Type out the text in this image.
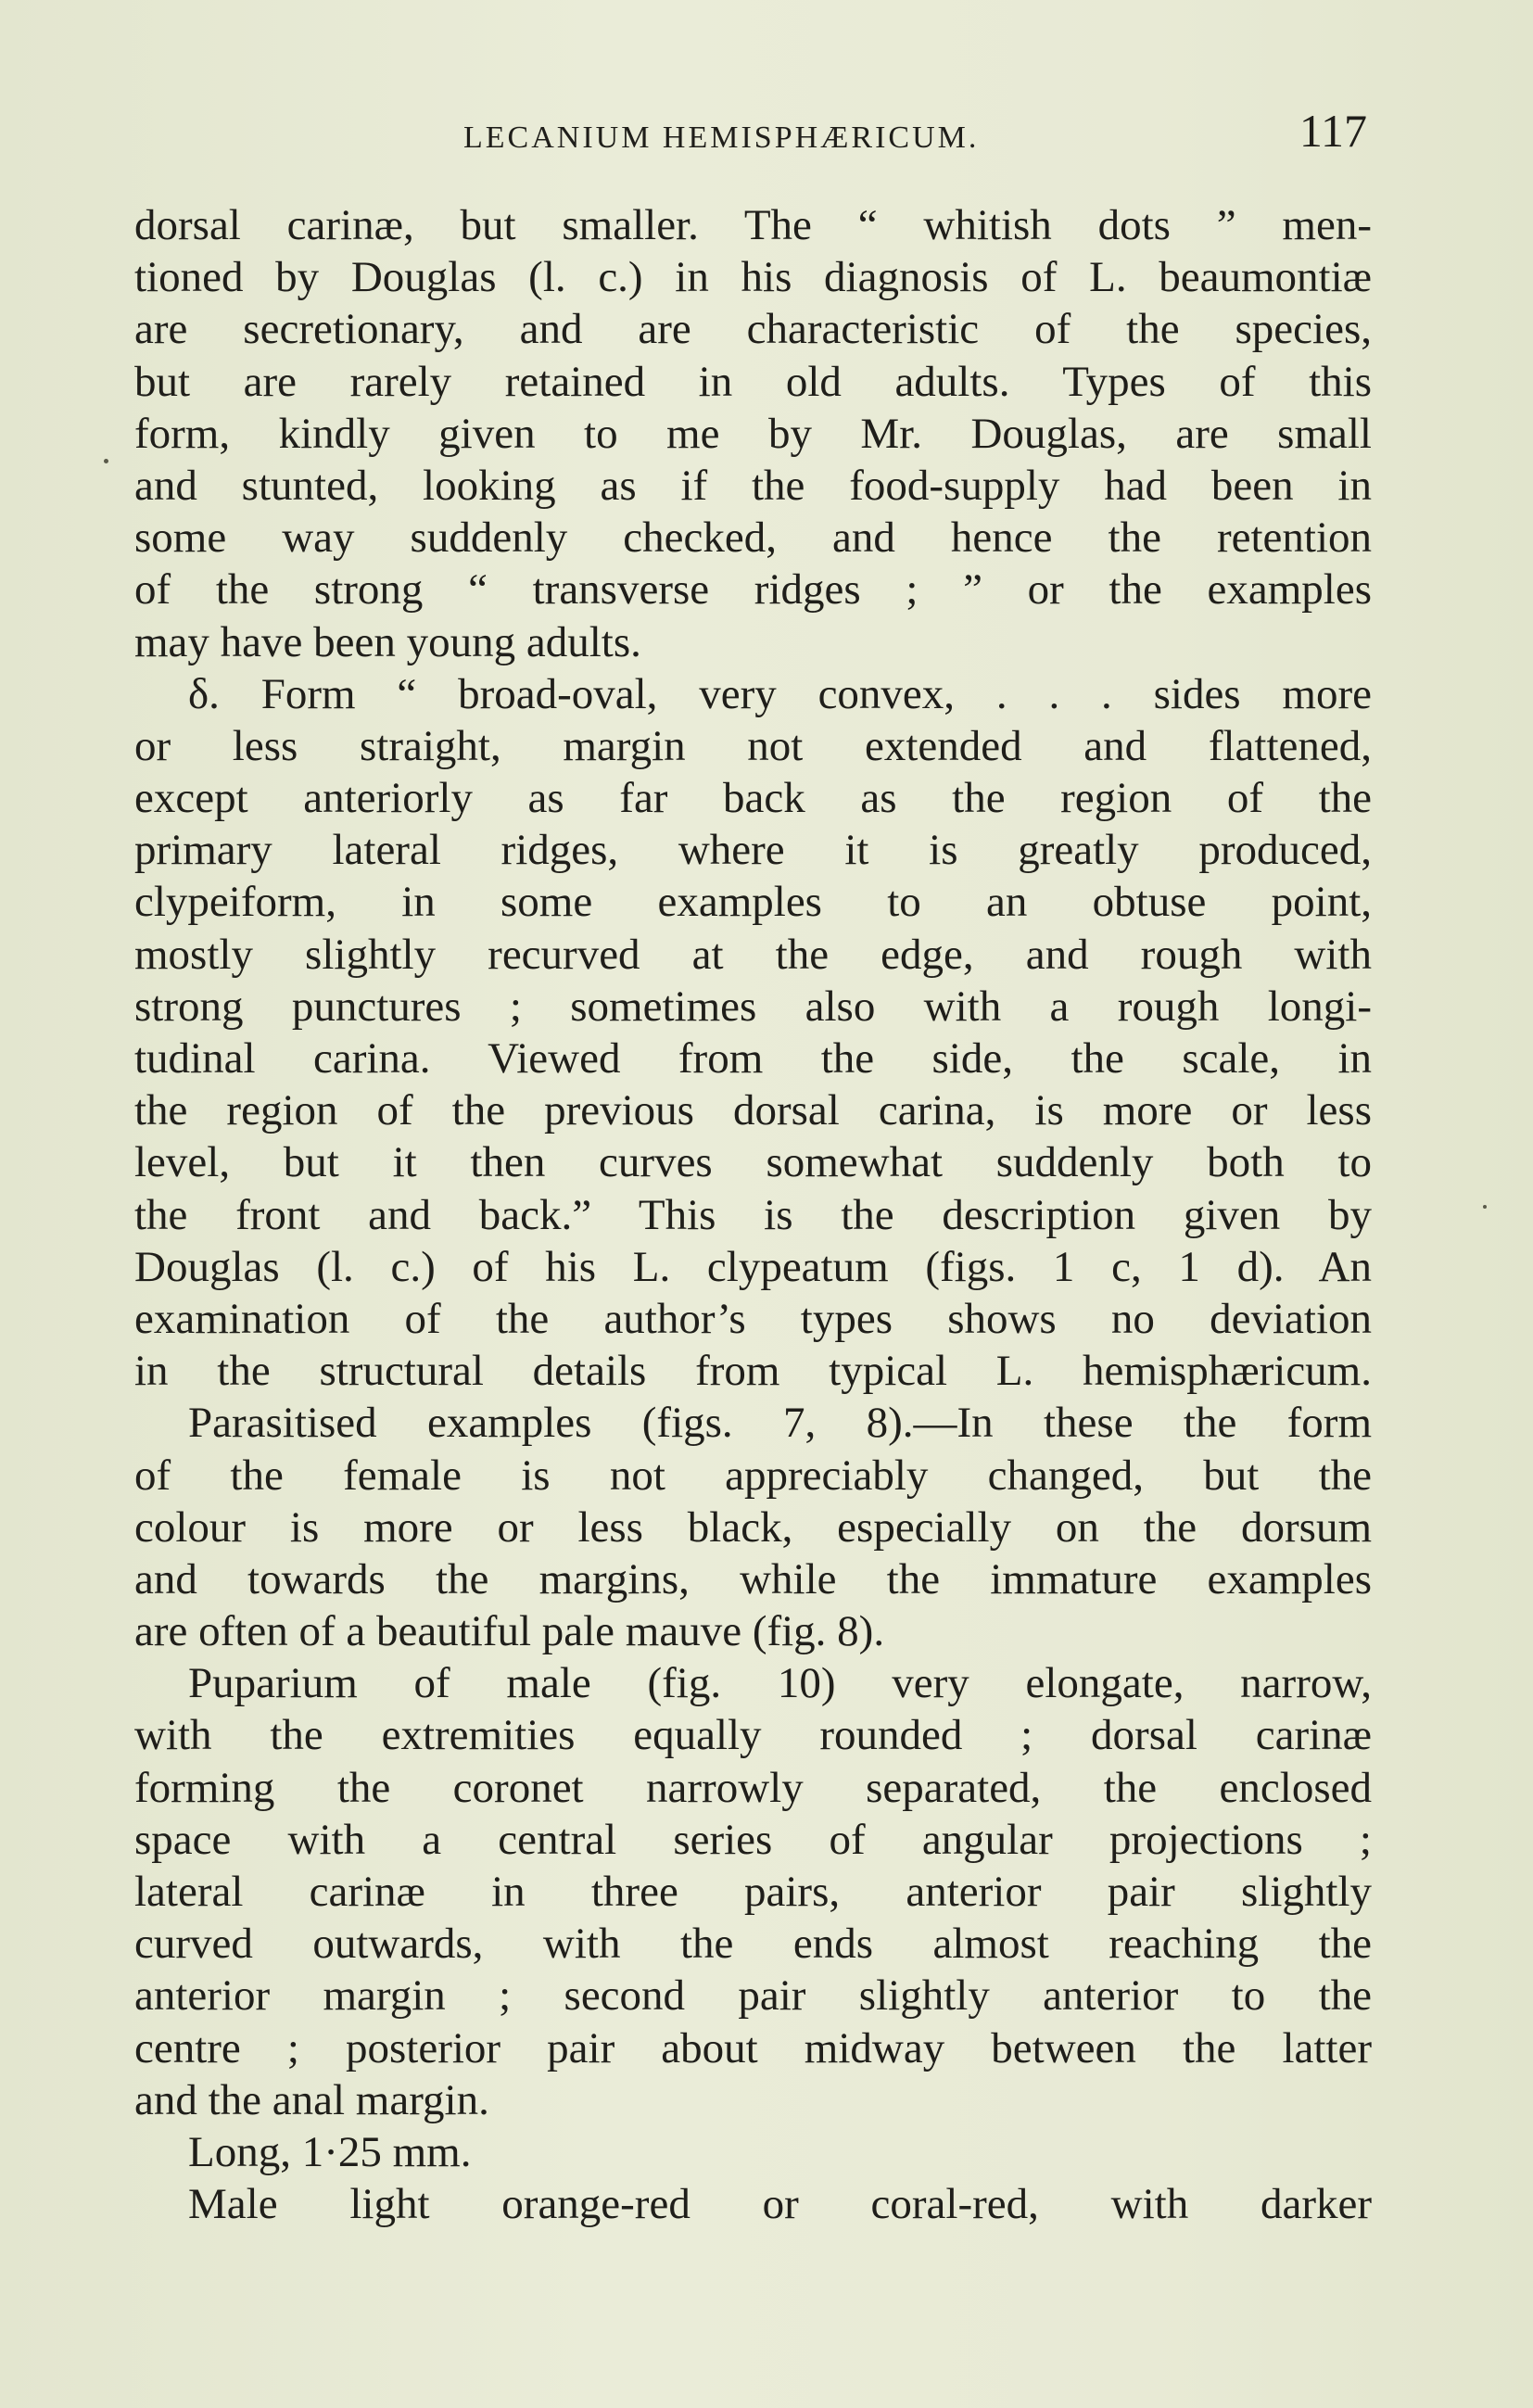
LECANIUM HEMISPHÆRICUM.	117
dorsal carinæ, but smaller. The “ whitish dots ” men-
tioned by Douglas (l. c.) in his diagnosis of L. beaumontiæ
are secretionary, and are characteristic of the species,
but are rarely retained in old adults. Types of this
form, kindly given to me by Mr. Douglas, are small
and stunted, looking as if the food-supply had been in
some way suddenly checked, and hence the retention
of the strong “ transverse ridges ; ” or the examples
may have been young adults.
δ. Form “ broad-oval, very convex, . . . sides more
or less straight, margin not extended and flattened,
except anteriorly as far back as the region of the
primary lateral ridges, where it is greatly produced,
clypeiform, in some examples to an obtuse point,
mostly slightly recurved at the edge, and rough with
strong punctures ; sometimes also with a rough longi-
tudinal carina. Viewed from the side, the scale, in
the region of the previous dorsal carina, is more or less
level, but it then curves somewhat suddenly both to
the front and back.” This is the description given by
Douglas (l. c.) of his L. clypeatum (figs. 1 c, 1 d). An
examination of the author’s types shows no deviation
in the structural details from typical L. hemisphæricum.
Parasitised examples (figs. 7, 8).—In these the form
of the female is not appreciably changed, but the
colour is more or less black, especially on the dorsum
and towards the margins, while the immature examples
are often of a beautiful pale mauve (fig. 8).
Puparium of male (fig. 10) very elongate, narrow,
with the extremities equally rounded ; dorsal carinæ
forming the coronet narrowly separated, the enclosed
space with a central series of angular projections ;
lateral carinæ in three pairs, anterior pair slightly
curved outwards, with the ends almost reaching the
anterior margin ; second pair slightly anterior to the
centre ; posterior pair about midway between the latter
and the anal margin.
Long, 1·25 mm.
Male light orange-red or coral-red, with darker
